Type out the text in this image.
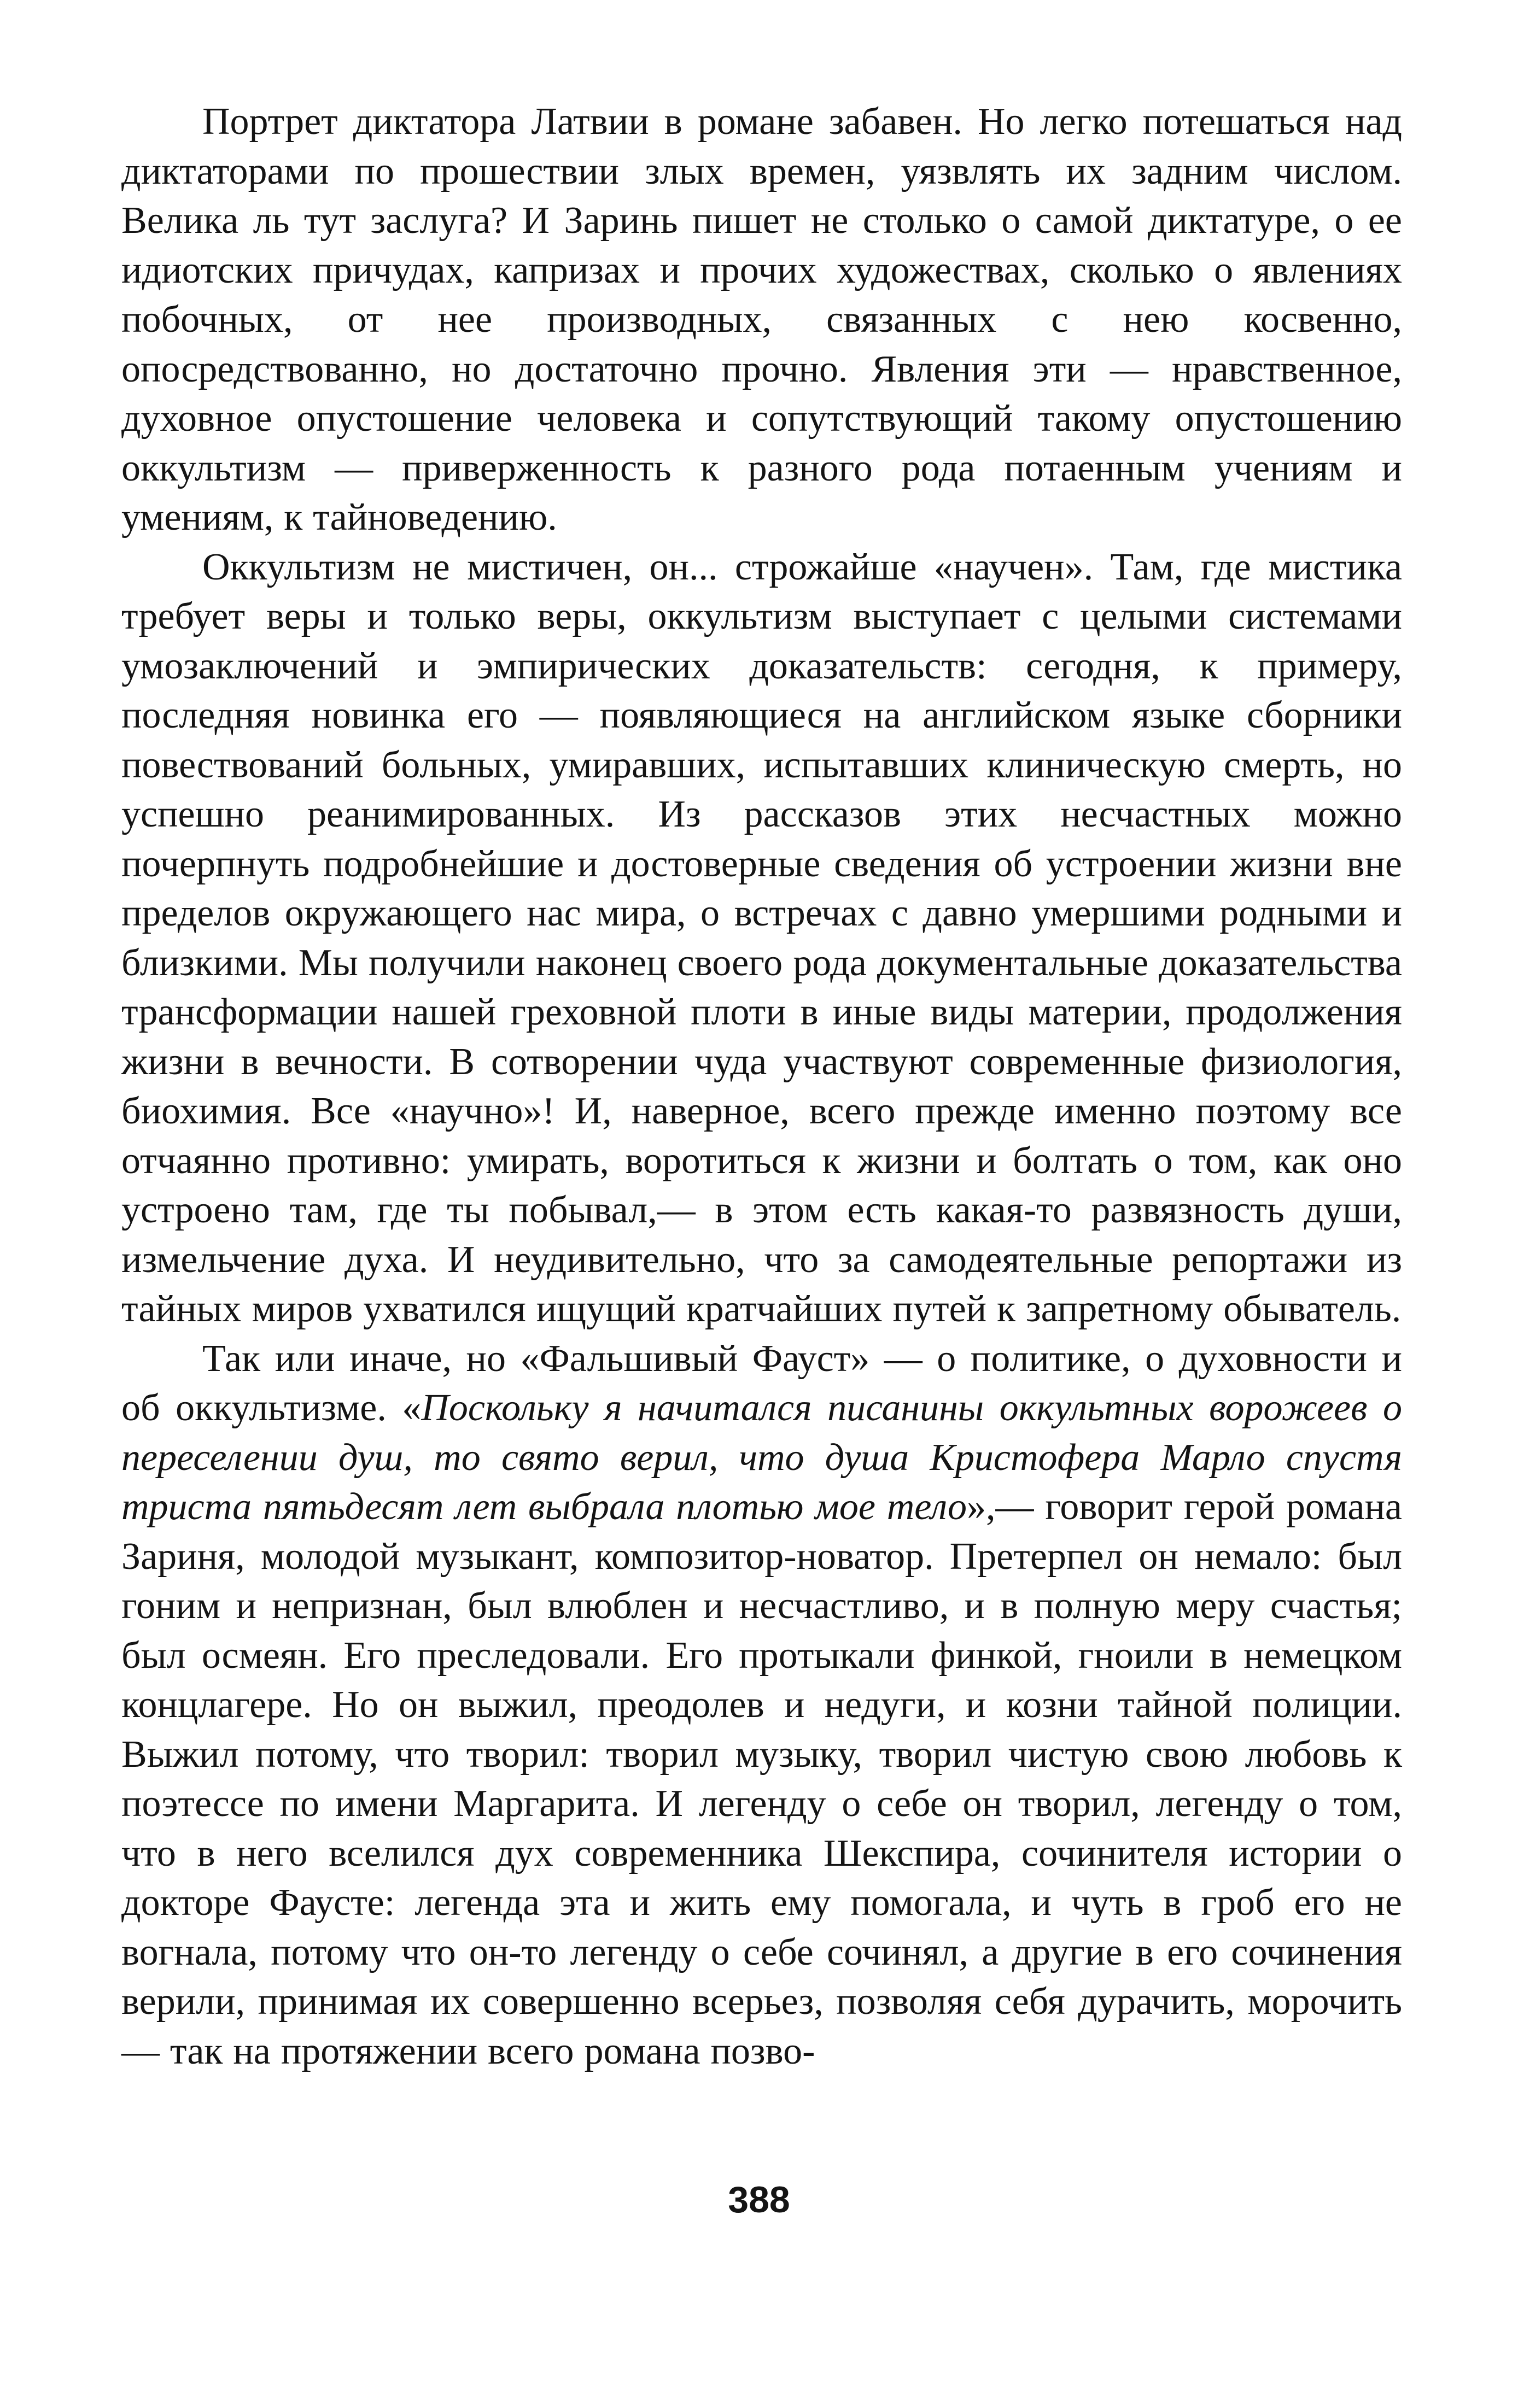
Портрет диктатора Латвии в романе забавен. Но легко потешаться над диктаторами по прошествии злых времен, уязвлять их задним числом. Велика ль тут заслуга? И Заринь пишет не столько о самой диктатуре, о ее идиотских причудах, капризах и прочих художествах, сколько о явлениях побочных, от нее производных, связанных с нею косвенно, опосредствованно, но достаточно прочно. Явления эти — нравственное, духовное опустошение человека и сопутствующий такому опустошению оккультизм — приверженность к разного рода потаенным учениям и умениям, к тайноведению.

Оккультизм не мистичен, он... строжайше «научен». Там, где мистика требует веры и только веры, оккультизм выступает с целыми системами умозаключений и эмпирических доказательств: сегодня, к примеру, последняя новинка его — появляющиеся на английском языке сборники повествований больных, умиравших, испытавших клиническую смерть, но успешно реанимированных. Из рассказов этих несчастных можно почерпнуть подробнейшие и достоверные сведения об устроении жизни вне пределов окружающего нас мира, о встречах с давно умершими родными и близкими. Мы получили наконец своего рода документальные доказательства трансформации нашей греховной плоти в иные виды материи, продолжения жизни в вечности. В сотворении чуда участвуют современные физиология, биохимия. Все «научно»! И, наверное, всего прежде именно поэтому все отчаянно противно: умирать, воротиться к жизни и болтать о том, как оно устроено там, где ты побывал,— в этом есть какая-то развязность души, измельчение духа. И неудивительно, что за самодеятельные репортажи из тайных миров ухватился ищущий кратчайших путей к запретному обыватель.

Так или иначе, но «Фальшивый Фауст» — о политике, о духовности и об оккультизме. «Поскольку я начитался писанины оккультных ворожеев о переселении душ, то свято верил, что душа Кристофера Марло спустя триста пятьдесят лет выбрала плотью мое тело»,— говорит герой романа Зариня, молодой музыкант, композитор-новатор. Претерпел он немало: был гоним и непризнан, был влюблен и несчастливо, и в полную меру счастья; был осмеян. Его преследовали. Его протыкали финкой, гноили в немецком концлагере. Но он выжил, преодолев и недуги, и козни тайной полиции. Выжил потому, что творил: творил музыку, творил чистую свою любовь к поэтессе по имени Маргарита. И легенду о себе он творил, легенду о том, что в него вселился дух современника Шекспира, сочинителя истории о докторе Фаусте: легенда эта и жить ему помогала, и чуть в гроб его не вогнала, потому что он-то легенду о себе сочинял, а другие в его сочинения верили, принимая их совершенно всерьез, позволяя себя дурачить, морочить — так на протяжении всего романа позво-

388
